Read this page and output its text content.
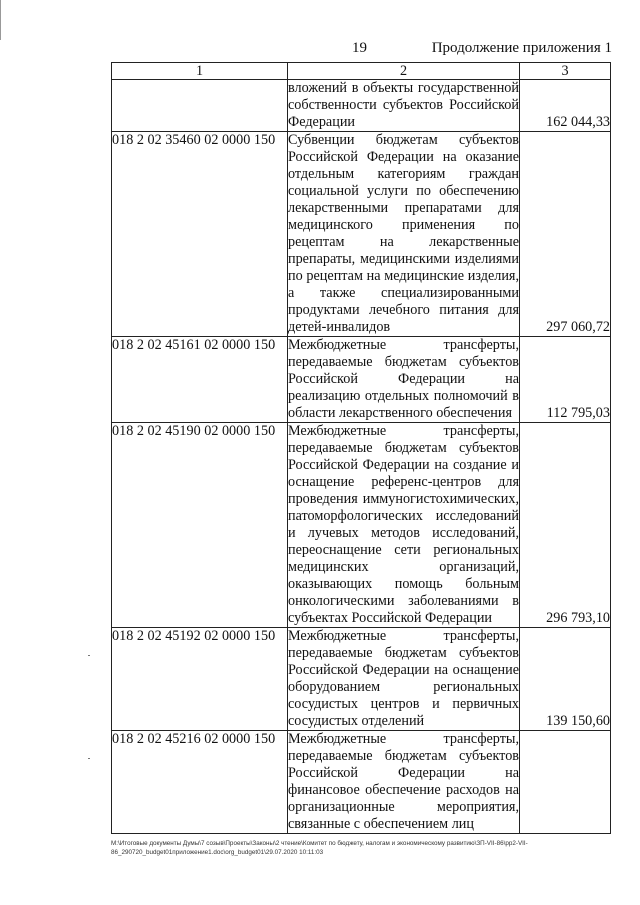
19	Продолжение приложения 1
1	2	3
	вложений в объекты государственной собственности субъектов Российской Федерации	162 044,33
018 2 02 35460 02 0000 150	Субвенции бюджетам субъектов Российской Федерации на оказание отдельным категориям граждан социальной услуги по обеспечению лекарственными препаратами для медицинского применения по рецептам на лекарственные препараты, медицинскими изделиями по рецептам на медицинские изделия, а также специализированными продуктами лечебного питания для детей-инвалидов	297 060,72
018 2 02 45161 02 0000 150	Межбюджетные трансферты, передаваемые бюджетам субъектов Российской Федерации на реализацию отдельных полномочий в области лекарственного обеспечения	112 795,03
018 2 02 45190 02 0000 150	Межбюджетные трансферты, передаваемые бюджетам субъектов Российской Федерации на создание и оснащение референс-центров для проведения иммуногистохимических, патоморфологических исследований и лучевых методов исследований, переоснащение сети региональных медицинских организаций, оказывающих помощь больным онкологическими заболеваниями в субъектах Российской Федерации	296 793,10
018 2 02 45192 02 0000 150	Межбюджетные трансферты, передаваемые бюджетам субъектов Российской Федерации на оснащение оборудованием региональных сосудистых центров и первичных сосудистых отделений	139 150,60
018 2 02 45216 02 0000 150	Межбюджетные трансферты, передаваемые бюджетам субъектов Российской Федерации на финансовое обеспечение расходов на организационные мероприятия, связанные с обеспечением лиц	
М:\Итоговые документы Думы\7 созыв\Проекты\Законы\2 чтение\Комитет по бюджету, налогам и экономическому развитию\ЗП-VII-86\pp2-VII-86_290720_budget01приложение1.doc\org_budget01\29.07.2020 10:11:03
